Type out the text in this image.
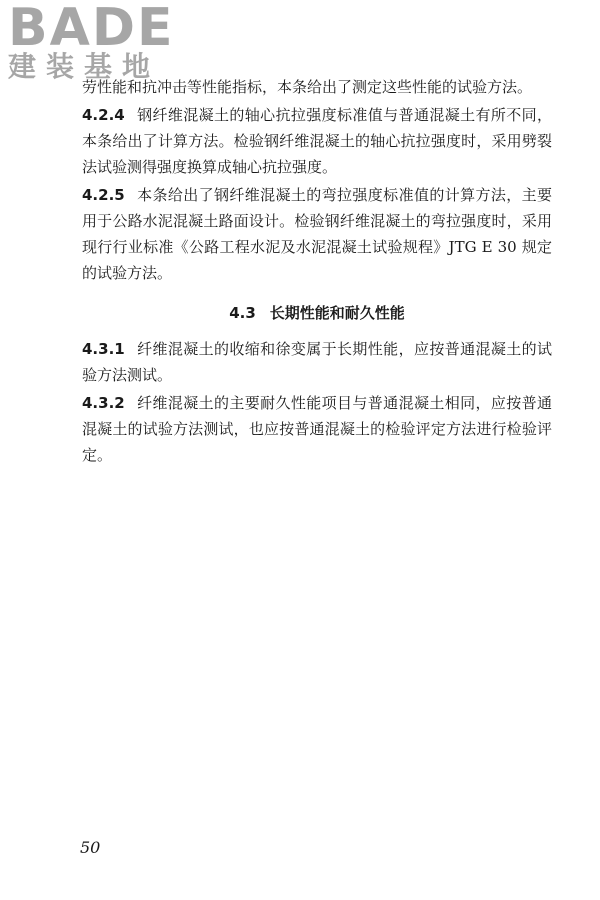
BADE
建装基地

劳性能和抗冲击等性能指标，本条给出了测定这些性能的试验方法。

4.2.4 钢纤维混凝土的轴心抗拉强度标准值与普通混凝土有所不同，本条给出了计算方法。检验钢纤维混凝土的轴心抗拉强度时，采用劈裂法试验测得强度换算成轴心抗拉强度。

4.2.5 本条给出了钢纤维混凝土的弯拉强度标准值的计算方法，主要用于公路水泥混凝土路面设计。检验钢纤维混凝土的弯拉强度时，采用现行行业标准《公路工程水泥及水泥混凝土试验规程》JTG E 30 规定的试验方法。

4.3 长期性能和耐久性能

4.3.1 纤维混凝土的收缩和徐变属于长期性能，应按普通混凝土的试验方法测试。

4.3.2 纤维混凝土的主要耐久性能项目与普通混凝土相同，应按普通混凝土的试验方法测试，也应按普通混凝土的检验评定方法进行检验评定。

50
